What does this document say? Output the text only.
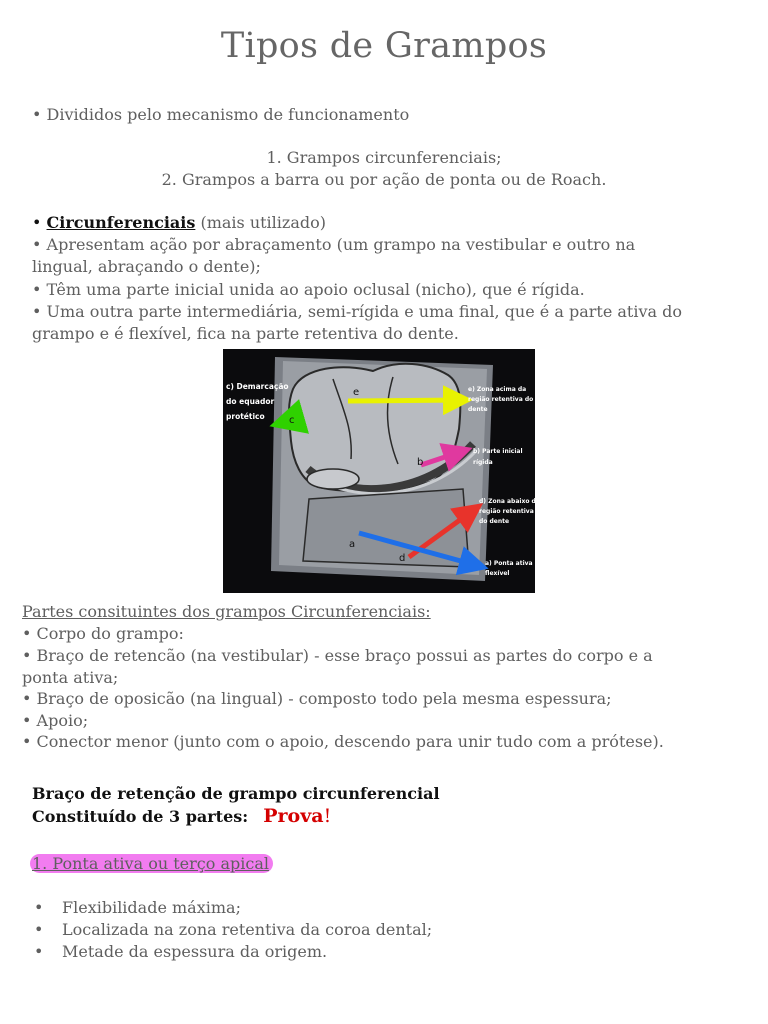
Tipos de Grampos
• Divididos pelo mecanismo de funcionamento
1. Grampos circunferenciais;
2. Grampos a barra ou por ação de ponta ou de Roach.
• Circunferenciais (mais utilizado)
• Apresentam ação por abraçamento (um grampo na vestibular e outro na
lingual, abraçando o dente);
• Têm uma parte inicial unida ao apoio oclusal (nicho), que é rígida.
• Uma outra parte intermediária, semi-rígida e uma final, que é a parte ativa do
grampo e é flexível, fica na parte retentiva do dente.
e
c
b
a
d
c) Demarcação
do equador
protético
e) Zona acima da
região retentiva do
dente
b) Parte inicial
rígida
d) Zona abaixo da
região retentiva
do dente
a) Ponta ativa
flexível
Partes consituintes dos grampos Circunferenciais:
• Corpo do grampo:
• Braço de retencão (na vestibular) - esse braço possui as partes do corpo e a
ponta ativa;
• Braço de oposicão (na lingual) - composto todo pela mesma espessura;
• Apoio;
• Conector menor (junto com o apoio, descendo para unir tudo com a prótese).
Braço de retenção de grampo circunferencial
Constituído de 3 partes: Prova!
1. Ponta ativa ou terço apical
• Flexibilidade máxima;
• Localizada na zona retentiva da coroa dental;
• Metade da espessura da origem.
